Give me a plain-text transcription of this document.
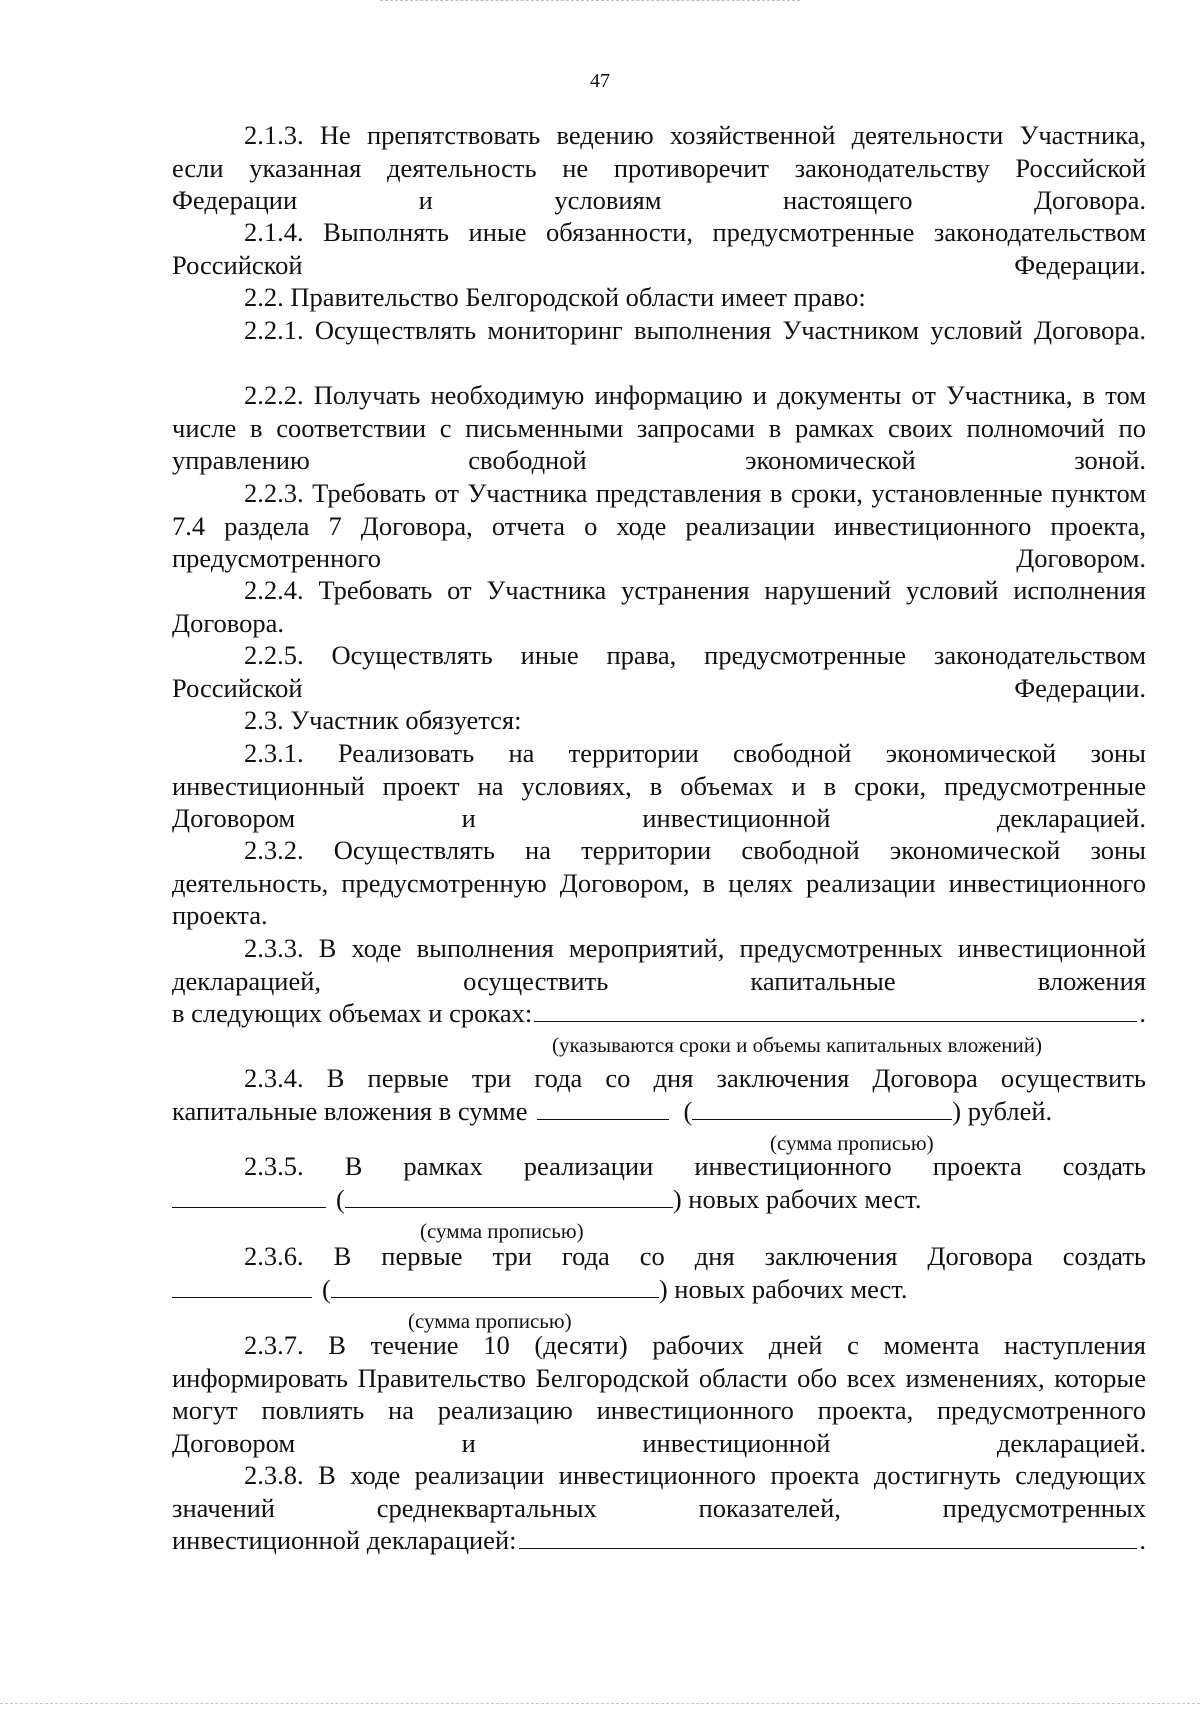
47

2.1.3. Не препятствовать ведению хозяйственной деятельности Участника, если указанная деятельность не противоречит законодательству Российской Федерации и условиям настоящего Договора.

2.1.4. Выполнять иные обязанности, предусмотренные законодательством Российской Федерации.

2.2. Правительство Белгородской области имеет право:

2.2.1. Осуществлять мониторинг выполнения Участником условий Договора.

2.2.2. Получать необходимую информацию и документы от Участника, в том числе в соответствии с письменными запросами в рамках своих полномочий по управлению свободной экономической зоной.

2.2.3. Требовать от Участника представления в сроки, установленные пунктом 7.4 раздела 7 Договора, отчета о ходе реализации инвестиционного проекта, предусмотренного Договором.

2.2.4. Требовать от Участника устранения нарушений условий исполнения Договора.

2.2.5. Осуществлять иные права, предусмотренные законодательством Российской Федерации.

2.3. Участник обязуется:

2.3.1. Реализовать на территории свободной экономической зоны инвестиционный проект на условиях, в объемах и в сроки, предусмотренные Договором и инвестиционной декларацией.

2.3.2. Осуществлять на территории свободной экономической зоны деятельность, предусмотренную Договором, в целях реализации инвестиционного проекта.

2.3.3. В ходе выполнения мероприятий, предусмотренных инвестиционной декларацией, осуществить капитальные вложения

в следующих объемах и сроках:	.
(указываются сроки и объемы капитальных вложений)

2.3.4. В первые три года со дня заключения Договора осуществить

капитальные вложения в сумме	(	) рублей.
(сумма прописью)

2.3.5. В рамках реализации инвестиционного проекта создать

(	) новых рабочих мест.
(сумма прописью)

2.3.6. В первые три года со дня заключения Договора создать

(	) новых рабочих мест.
(сумма прописью)

2.3.7. В течение 10 (десяти) рабочих дней с момента наступления информировать Правительство Белгородской области обо всех изменениях, которые могут повлиять на реализацию инвестиционного проекта, предусмотренного Договором и инвестиционной декларацией.

2.3.8. В ходе реализации инвестиционного проекта достигнуть следующих значений среднеквартальных показателей, предусмотренных

инвестиционной декларацией:	.
